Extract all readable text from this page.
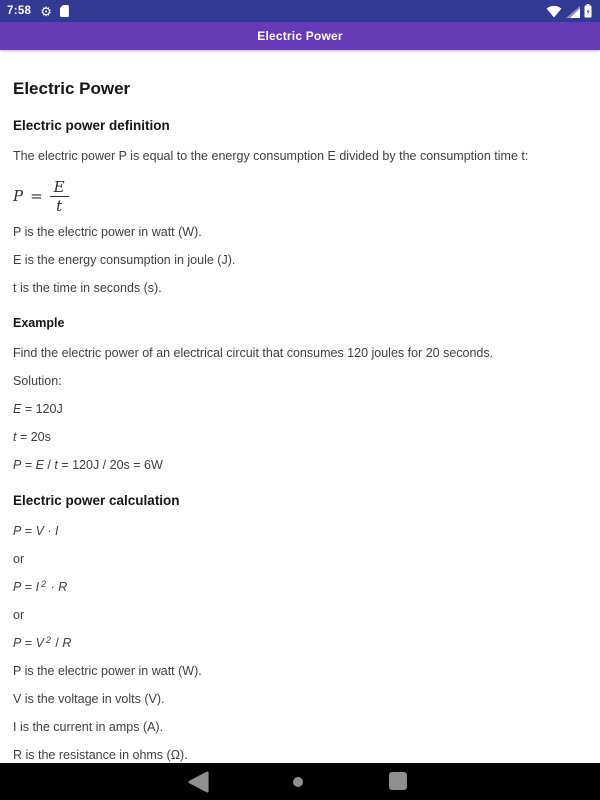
7:58 ⚙
Electric Power
Electric Power
Electric power definition

The electric power P is equal to the energy consumption E divided by the consumption time t:

$P = \frac{E}{t}$

P is the electric power in watt (W).

E is the energy consumption in joule (J).

t is the time in seconds (s).

Example

Find the electric power of an electrical circuit that consumes 120 joules for 20 seconds.

Solution:

E = 120J

t = 20s

P = E / t = 120J / 20s = 6W

Electric power calculation

P = V · I

or

P = I $^2$ · R

or

P = V $^2$ / R

P is the electric power in watt (W).

V is the voltage in volts (V).

I is the current in amps (A).

R is the resistance in ohms (Ω).
